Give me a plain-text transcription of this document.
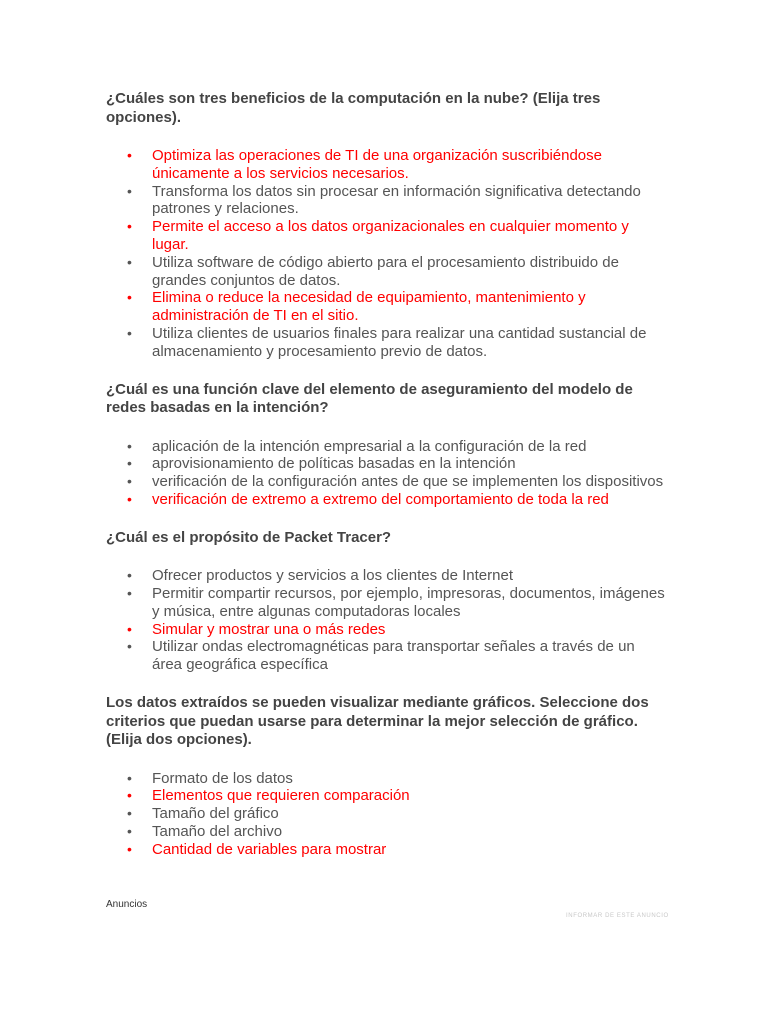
¿Cuáles son tres beneficios de la computación en la nube? (Elija tres opciones).

• Optimiza las operaciones de TI de una organización suscribiéndose únicamente a los servicios necesarios.
• Transforma los datos sin procesar en información significativa detectando patrones y relaciones.
• Permite el acceso a los datos organizacionales en cualquier momento y lugar.
• Utiliza software de código abierto para el procesamiento distribuido de grandes conjuntos de datos.
• Elimina o reduce la necesidad de equipamiento, mantenimiento y administración de TI en el sitio.
• Utiliza clientes de usuarios finales para realizar una cantidad sustancial de almacenamiento y procesamiento previo de datos.

¿Cuál es una función clave del elemento de aseguramiento del modelo de redes basadas en la intención?

• aplicación de la intención empresarial a la configuración de la red
• aprovisionamiento de políticas basadas en la intención
• verificación de la configuración antes de que se implementen los dispositivos
• verificación de extremo a extremo del comportamiento de toda la red

¿Cuál es el propósito de Packet Tracer?

• Ofrecer productos y servicios a los clientes de Internet
• Permitir compartir recursos, por ejemplo, impresoras, documentos, imágenes y música, entre algunas computadoras locales
• Simular y mostrar una o más redes
• Utilizar ondas electromagnéticas para transportar señales a través de un área geográfica específica

Los datos extraídos se pueden visualizar mediante gráficos. Seleccione dos criterios que puedan usarse para determinar la mejor selección de gráfico. (Elija dos opciones).

• Formato de los datos
• Elementos que requieren comparación
• Tamaño del gráfico
• Tamaño del archivo
• Cantidad de variables para mostrar
Anuncios
INFORMAR DE ESTE ANUNCIO
